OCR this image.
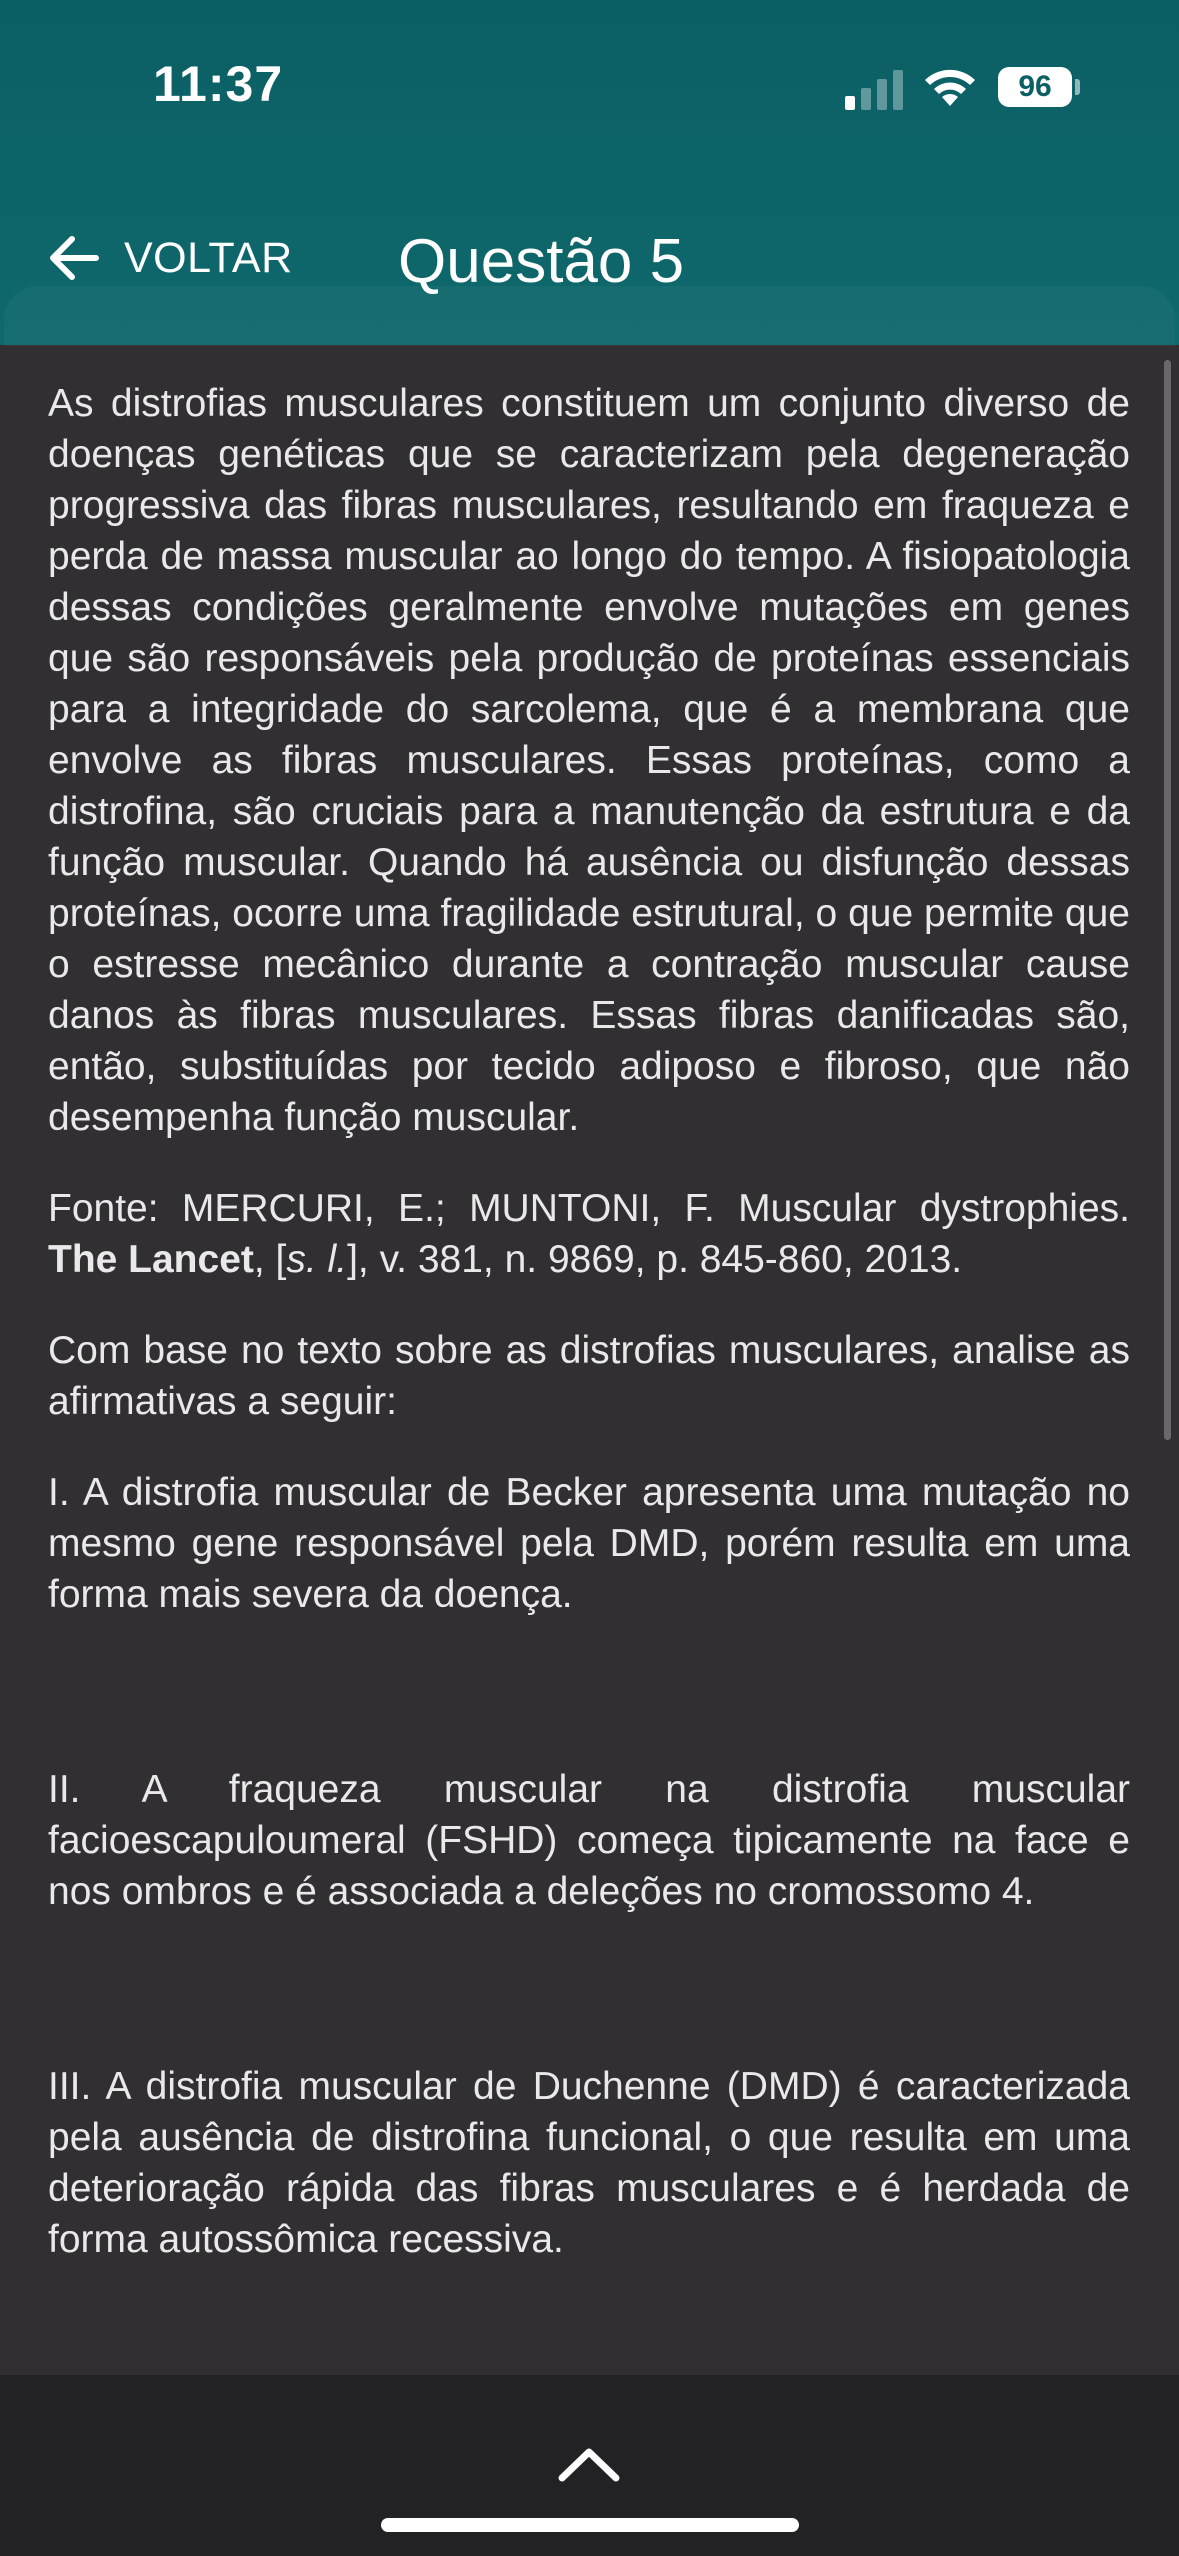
11:37	96
VOLTAR Questão 5

As distrofias musculares constituem um conjunto diverso de doenças genéticas que se caracterizam pela degeneração progressiva das fibras musculares, resultando em fraqueza e perda de massa muscular ao longo do tempo. A fisiopatologia dessas condições geralmente envolve mutações em genes que são responsáveis pela produção de proteínas essenciais para a integridade do sarcolema, que é a membrana que envolve as fibras musculares. Essas proteínas, como a distrofina, são cruciais para a manutenção da estrutura e da função muscular. Quando há ausência ou disfunção dessas proteínas, ocorre uma fragilidade estrutural, o que permite que o estresse mecânico durante a contração muscular cause danos às fibras musculares. Essas fibras danificadas são, então, substituídas por tecido adiposo e fibroso, que não desempenha função muscular.

Fonte: MERCURI, E.; MUNTONI, F. Muscular dystrophies. The Lancet, [s. l.], v. 381, n. 9869, p. 845-860, 2013.

Com base no texto sobre as distrofias musculares, analise as afirmativas a seguir:

I. A distrofia muscular de Becker apresenta uma mutação no mesmo gene responsável pela DMD, porém resulta em uma forma mais severa da doença.

II. A fraqueza muscular na distrofia muscular facioescapuloumeral (FSHD) começa tipicamente na face e nos ombros e é associada a deleções no cromossomo 4.

III. A distrofia muscular de Duchenne (DMD) é caracterizada pela ausência de distrofina funcional, o que resulta em uma deterioração rápida das fibras musculares e é herdada de forma autossômica recessiva.
